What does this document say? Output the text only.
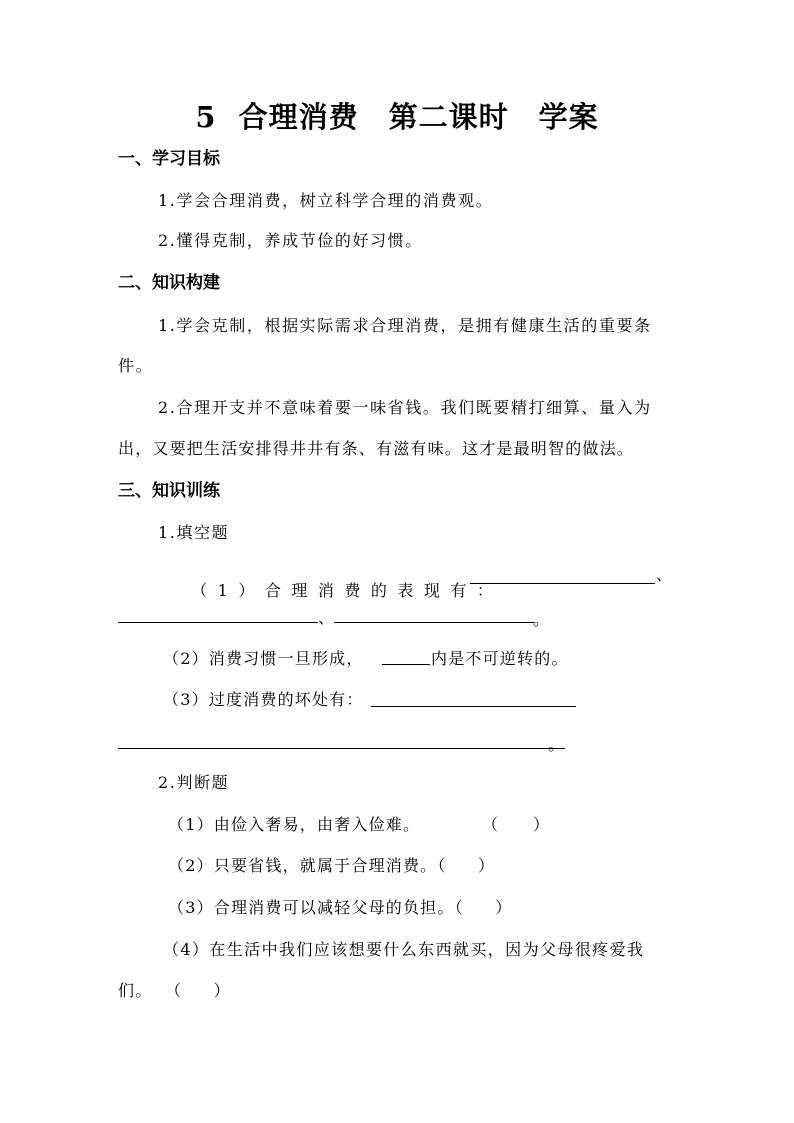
5  合理消费　第二课时　学案
一、学习目标
1.学会合理消费，树立科学合理的消费观。
2.懂得克制，养成节俭的好习惯。
二、知识构建
1.学会克制，根据实际需求合理消费，是拥有健康生活的重要条
件。
2.合理开支并不意味着要一味省钱。我们既要精打细算、量入为
出，又要把生活安排得井井有条、有滋有味。这才是最明智的做法。
三、知识训练
1.填空题

（1）合理消费的表现有：

、
、	。
（2）消费习惯一旦形成，	内是不可逆转的。
（3）过度消费的坏处有：
。
2.判断题
（1）由俭入奢易，由奢入俭难。	（     ）
（2）只要省钱，就属于合理消费。（     ）
（3）合理消费可以减轻父母的负担。（     ）
（4）在生活中我们应该想要什么东西就买，因为父母很疼爱我
们。  （     ）
